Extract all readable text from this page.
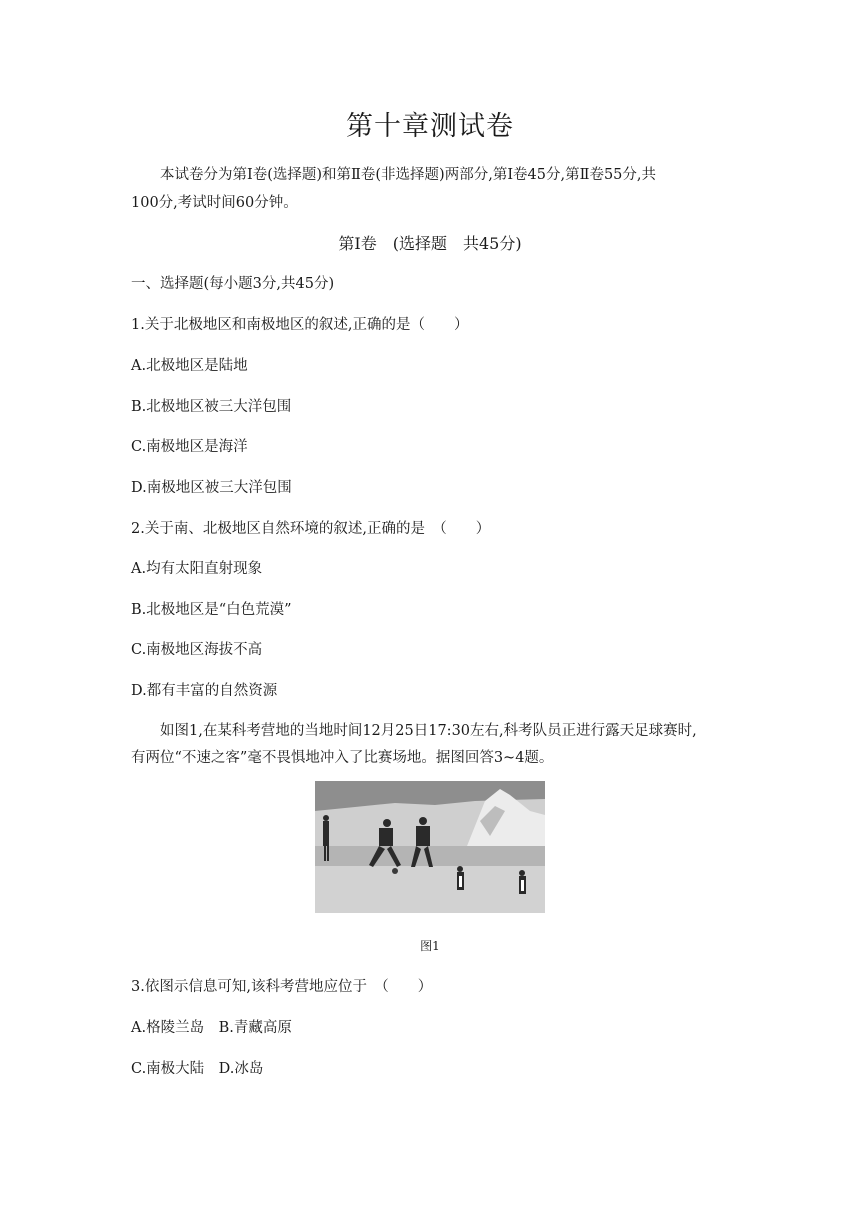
第十章测试卷
本试卷分为第Ⅰ卷(选择题)和第Ⅱ卷(非选择题)两部分,第Ⅰ卷45分,第Ⅱ卷55分,共
100分,考试时间60分钟。
第Ⅰ卷　(选择题　共45分)
一、选择题(每小题3分,共45分)
1.关于北极地区和南极地区的叙述,正确的是（　　）
A.北极地区是陆地
B.北极地区被三大洋包围
C.南极地区是海洋
D.南极地区被三大洋包围
2.关于南、北极地区自然环境的叙述,正确的是　（　　）
A.均有太阳直射现象
B.北极地区是“白色荒漠”
C.南极地区海拔不高
D.都有丰富的自然资源
如图1,在某科考营地的当地时间12月25日17:30左右,科考队员正进行露天足球赛时,
有两位“不速之客”毫不畏惧地冲入了比赛场地。据图回答3~4题。
图1
3.依图示信息可知,该科考营地应位于　（　　）
A.格陵兰岛　B.青藏高原
C.南极大陆　D.冰岛
